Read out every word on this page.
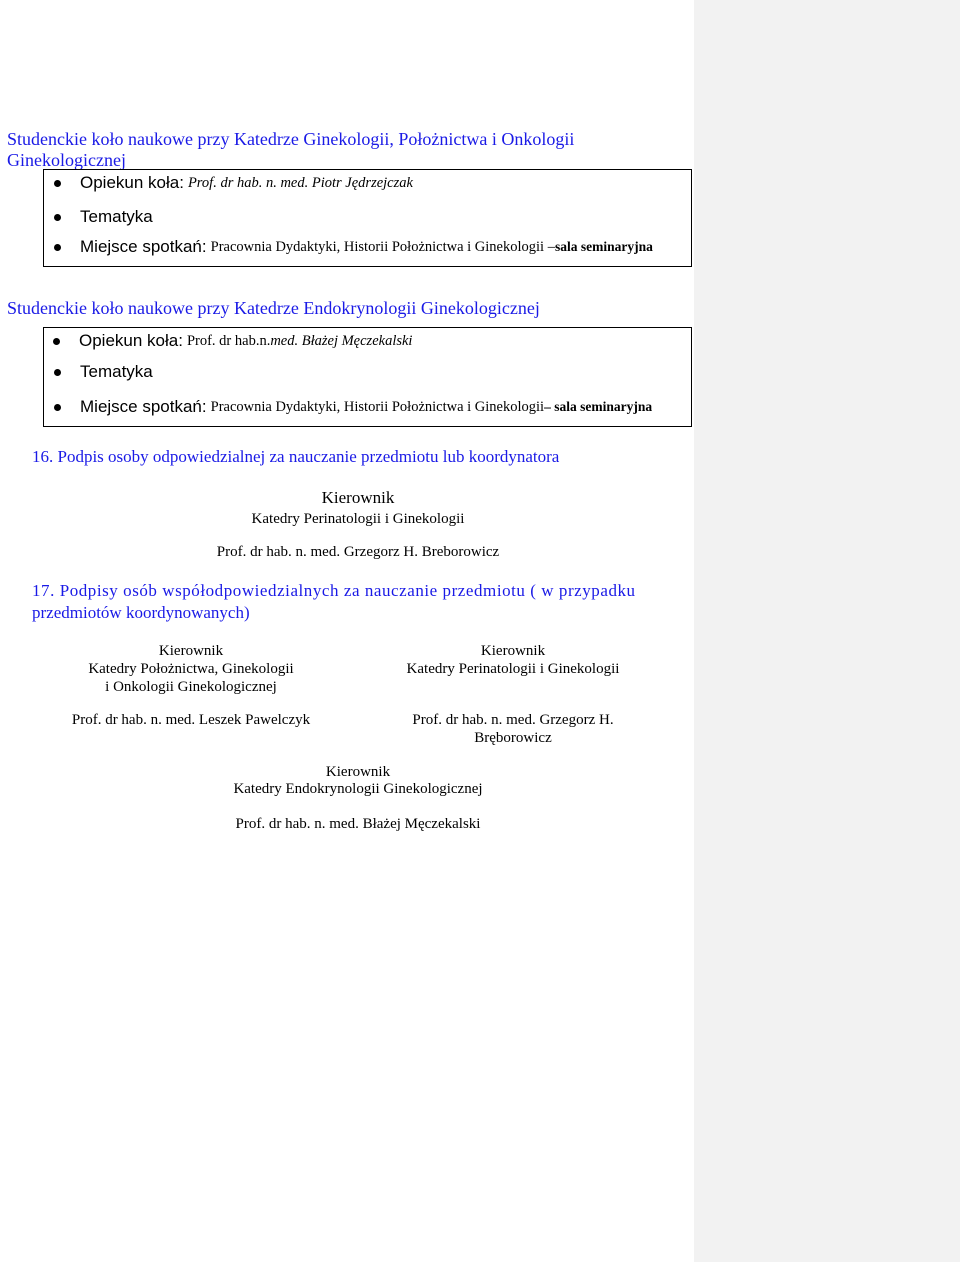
Studenckie koło naukowe przy Katedrze Ginekologii, Położnictwa i Onkologii
Ginekologicznej
Opiekun koła:
Prof. dr hab. n. med. Piotr Jędrzejczak
Tematyka
Miejsce spotkań:
Pracownia Dydaktyki, Historii Położnictwa i Ginekologii – sala seminaryjna
Studenckie koło naukowe przy Katedrze Endokrynologii Ginekologicznej
Opiekun koła:
Prof. dr hab.n. med. Błażej Męczekalski
Tematyka
Miejsce spotkań:
Pracownia Dydaktyki, Historii Położnictwa i Ginekologii – sala seminaryjna
16. Podpis osoby odpowiedzialnej za nauczanie przedmiotu lub koordynatora
Kierownik
Katedry Perinatologii i Ginekologii
Prof. dr hab. n. med. Grzegorz H. Breborowicz
17. Podpisy osób współodpowiedzialnych za nauczanie przedmiotu ( w przypadku
przedmiotów koordynowanych)
Kierownik
Katedry Położnictwa, Ginekologii
i Onkologii Ginekologicznej
Prof. dr hab. n. med. Leszek Pawelczyk
Kierownik
Katedry Perinatologii i Ginekologii
Prof. dr hab. n. med. Grzegorz H. Bręborowicz
Kierownik
Katedry Endokrynologii Ginekologicznej
Prof. dr hab. n. med. Błażej Męczekalski
